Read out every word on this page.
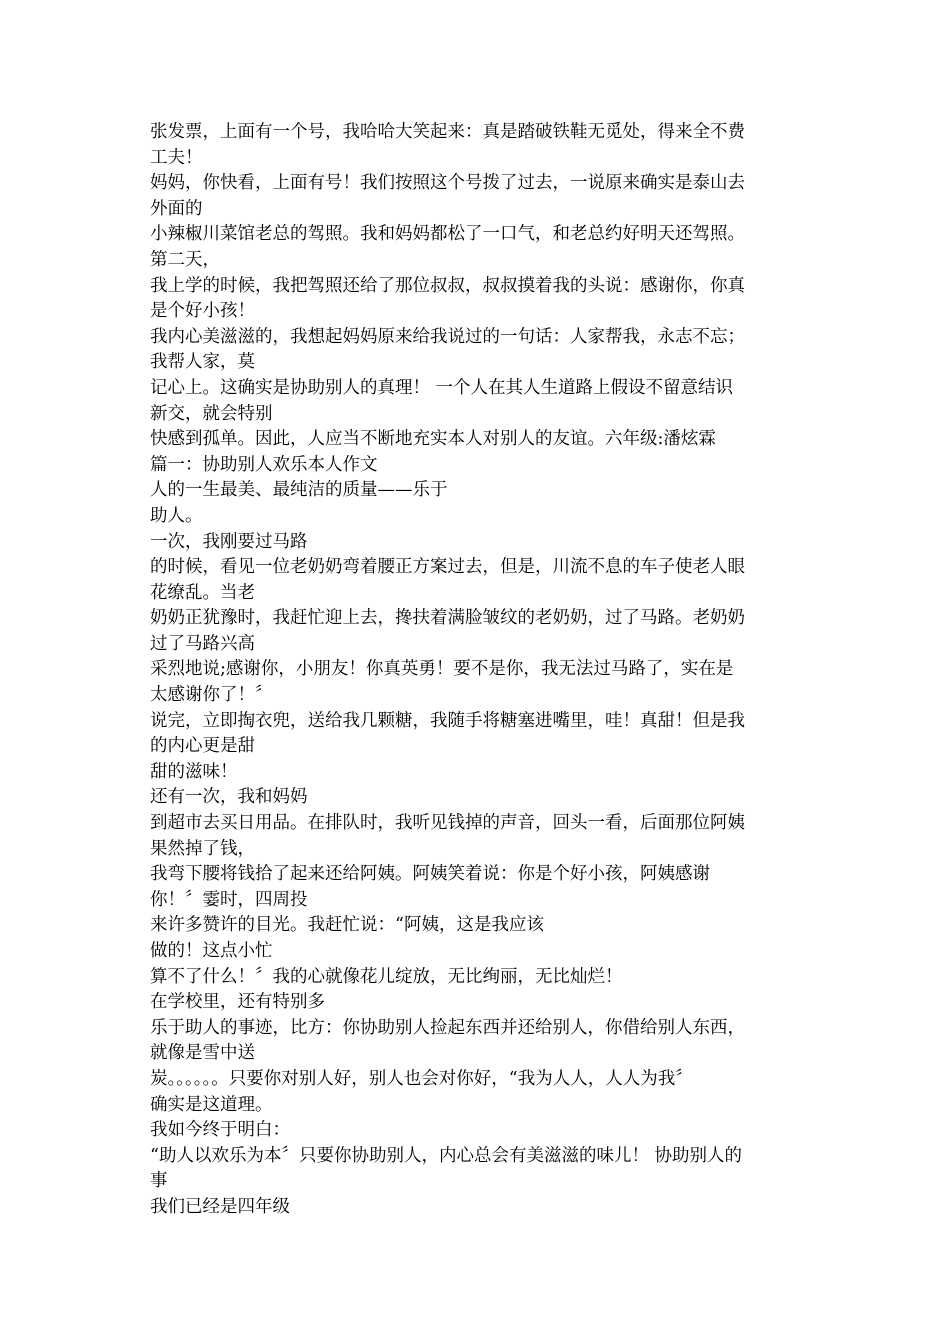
张发票，上面有一个号，我哈哈大笑起来：真是踏破铁鞋无觅处，得来全不费
工夫！
妈妈，你快看，上面有号！我们按照这个号拨了过去，一说原来确实是泰山去
外面的
小辣椒川菜馆老总的驾照。我和妈妈都松了一口气，和老总约好明天还驾照。
第二天，
我上学的时候，我把驾照还给了那位叔叔，叔叔摸着我的头说：感谢你，你真
是个好小孩！
我内心美滋滋的，我想起妈妈原来给我说过的一句话：人家帮我，永志不忘；
我帮人家，莫
记心上。这确实是协助别人的真理！ 一个人在其人生道路上假设不留意结识
新交，就会特别
快感到孤单。因此，人应当不断地充实本人对别人的友谊。六年级:潘炫霖
篇一：协助别人欢乐本人作文
人的一生最美、最纯洁的质量——乐于
助人。
一次，我刚要过马路
的时候，看见一位老奶奶弯着腰正方案过去，但是，川流不息的车子使老人眼
花缭乱。当老
奶奶正犹豫时，我赶忙迎上去，搀扶着满脸皱纹的老奶奶，过了马路。老奶奶
过了马路兴高
采烈地说;感谢你，小朋友！你真英勇！要不是你，我无法过马路了，实在是
太感谢你了！〞
说完，立即掏衣兜，送给我几颗糖，我随手将糖塞进嘴里，哇！真甜！但是我
的内心更是甜
甜的滋味！
还有一次，我和妈妈
到超市去买日用品。在排队时，我听见钱掉的声音，回头一看，后面那位阿姨
果然掉了钱，
我弯下腰将钱拾了起来还给阿姨。阿姨笑着说：你是个好小孩，阿姨感谢
你！〞霎时，四周投
来许多赞许的目光。我赶忙说：“阿姨，这是我应该
做的！这点小忙
算不了什么！〞我的心就像花儿绽放，无比绚丽，无比灿烂！
在学校里，还有特别多
乐于助人的事迹，比方：你协助别人捡起东西并还给别人，你借给别人东西，
就像是雪中送
炭。。。。。。只要你对别人好，别人也会对你好，“我为人人，人人为我〞
确实是这道理。
我如今终于明白：
“助人以欢乐为本〞只要你协助别人，内心总会有美滋滋的味儿！ 协助别人的
事
我们已经是四年级
